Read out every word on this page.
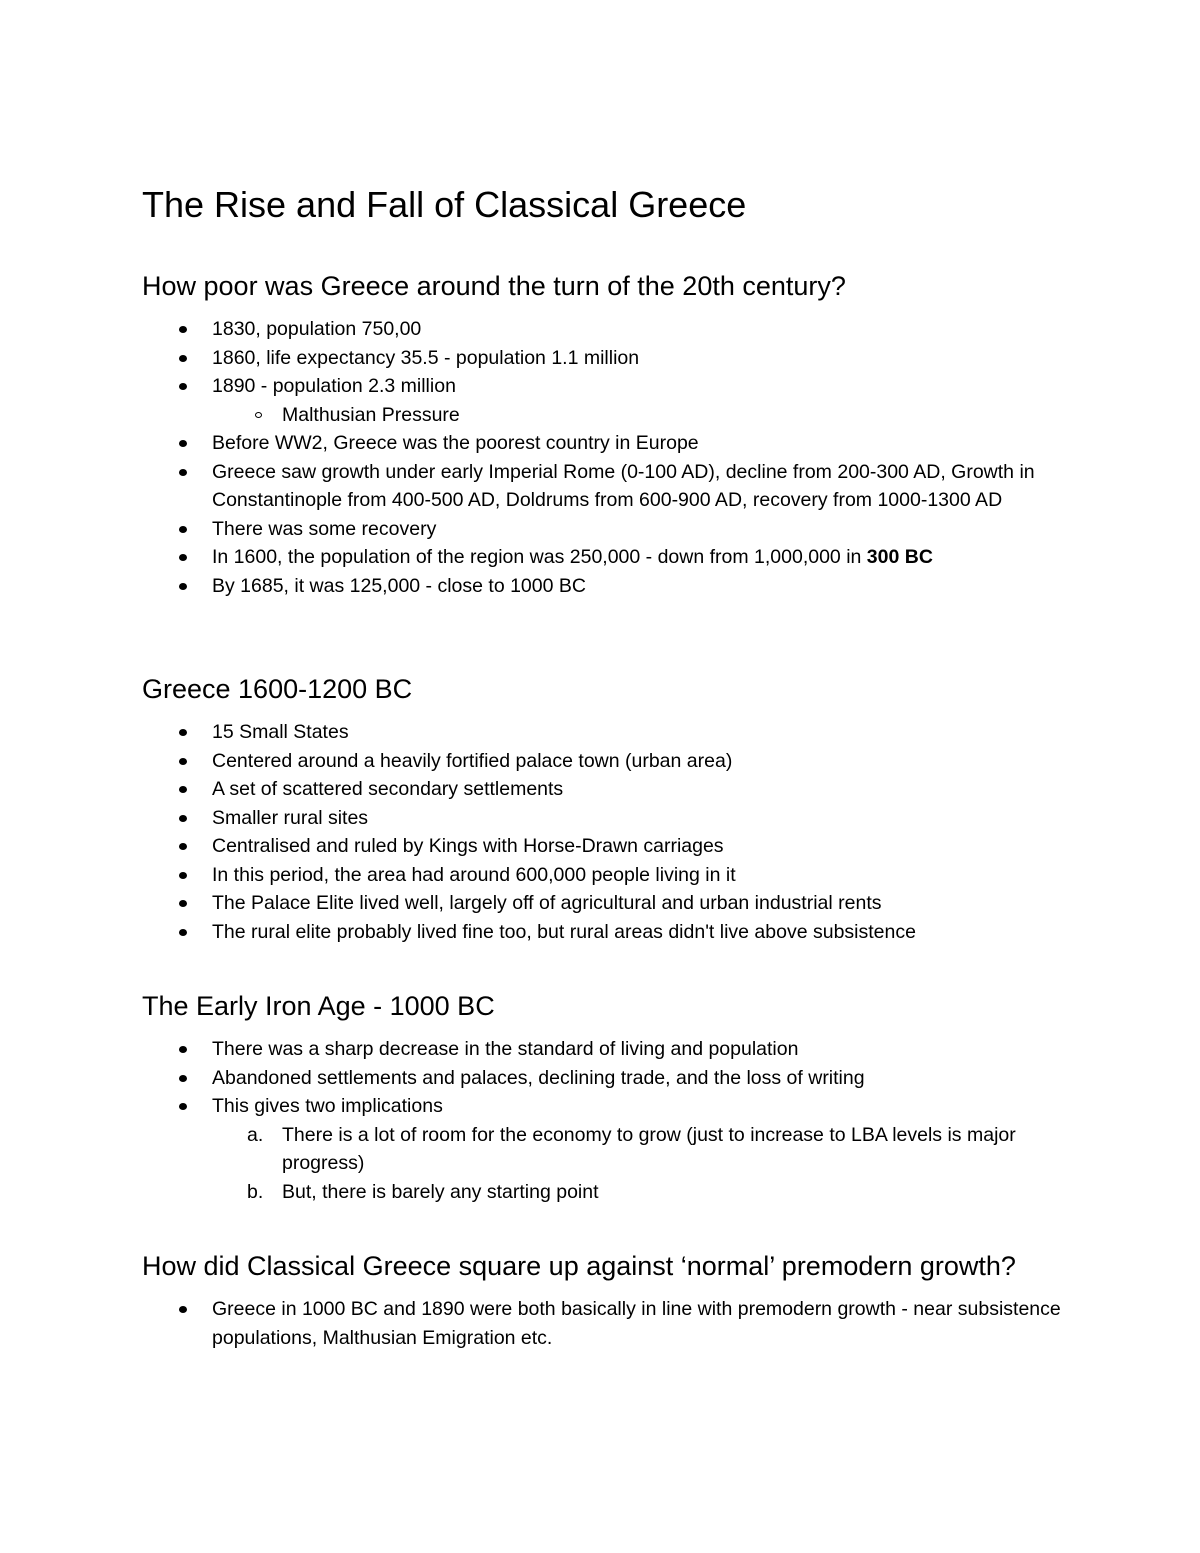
The Rise and Fall of Classical Greece
How poor was Greece around the turn of the 20th century?
1830, population 750,00
1860, life expectancy 35.5 - population 1.1 million
1890 - population 2.3 million
Malthusian Pressure
Before WW2, Greece was the poorest country in Europe
Greece saw growth under early Imperial Rome (0-100 AD), decline from 200-300 AD, Growth in Constantinople from 400-500 AD, Doldrums from 600-900 AD, recovery from 1000-1300 AD
There was some recovery
In 1600, the population of the region was 250,000 - down from 1,000,000 in 300 BC
By 1685, it was 125,000 - close to 1000 BC
Greece 1600-1200 BC
15 Small States
Centered around a heavily fortified palace town (urban area)
A set of scattered secondary settlements
Smaller rural sites
Centralised and ruled by Kings with Horse-Drawn carriages
In this period, the area had around 600,000 people living in it
The Palace Elite lived well, largely off of agricultural and urban industrial rents
The rural elite probably lived fine too, but rural areas didn't live above subsistence
The Early Iron Age - 1000 BC
There was a sharp decrease in the standard of living and population
Abandoned settlements and palaces, declining trade, and the loss of writing
This gives two implications
a. There is a lot of room for the economy to grow (just to increase to LBA levels is major progress)
b. But, there is barely any starting point
How did Classical Greece square up against ‘normal’ premodern growth?
Greece in 1000 BC and 1890 were both basically in line with premodern growth - near subsistence populations, Malthusian Emigration etc.
